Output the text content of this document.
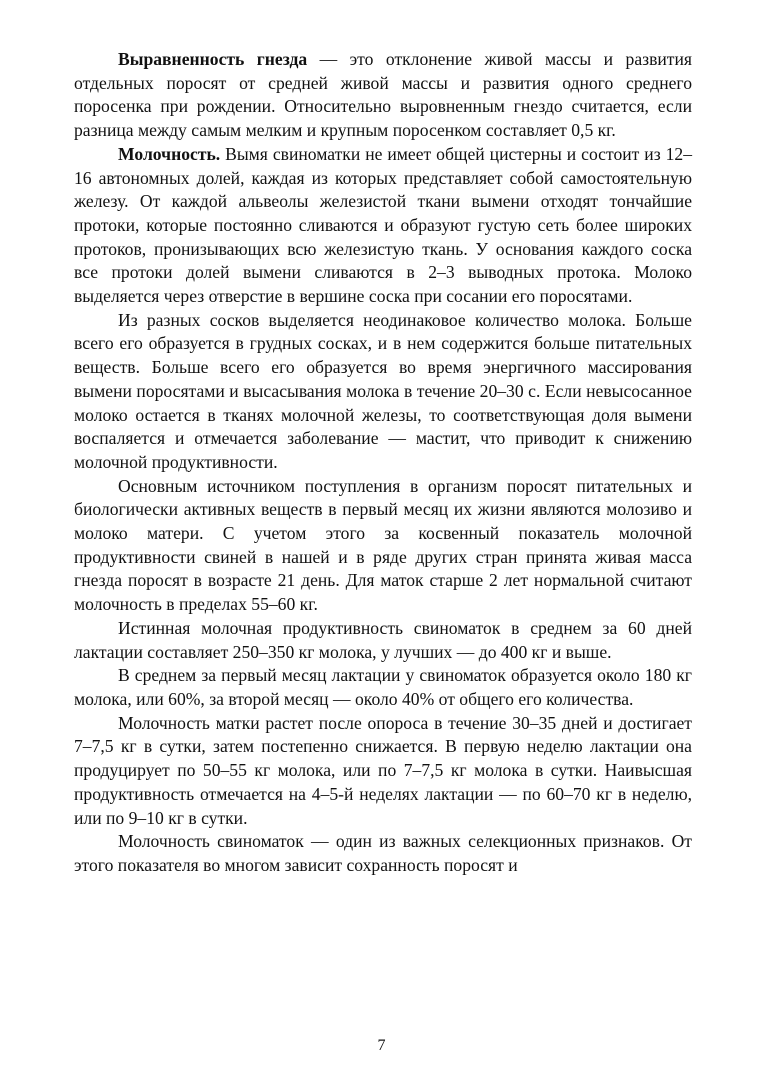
Выравненность гнезда — это отклонение живой массы и развития отдельных поросят от средней живой массы и развития одного среднего поросенка при рождении. Относительно выровненным гнездо считается, если разница между самым мелким и крупным поросенком составляет 0,5 кг.

Молочность. Вымя свиноматки не имеет общей цистерны и состоит из 12–16 автономных долей, каждая из которых представляет собой самостоятельную железу. От каждой альвеолы железистой ткани вымени отходят тончайшие протоки, которые постоянно сливаются и образуют густую сеть более широких протоков, пронизывающих всю железистую ткань. У основания каждого соска все протоки долей вымени сливаются в 2–3 выводных протока. Молоко выделяется через отверстие в вершине соска при сосании его поросятами.

Из разных сосков выделяется неодинаковое количество молока. Больше всего его образуется в грудных сосках, и в нем содержится больше питательных веществ. Больше всего его образуется во время энергичного массирования вымени поросятами и высасывания молока в течение 20–30 с. Если невысосанное молоко остается в тканях молочной железы, то соответствующая доля вымени воспаляется и отмечается заболевание — мастит, что приводит к снижению молочной продуктивности.

Основным источником поступления в организм поросят питательных и биологически активных веществ в первый месяц их жизни являются молозиво и молоко матери. С учетом этого за косвенный показатель молочной продуктивности свиней в нашей и в ряде других стран принята живая масса гнезда поросят в возрасте 21 день. Для маток старше 2 лет нормальной считают молочность в пределах 55–60 кг.

Истинная молочная продуктивность свиноматок в среднем за 60 дней лактации составляет 250–350 кг молока, у лучших — до 400 кг и выше.

В среднем за первый месяц лактации у свиноматок образуется около 180 кг молока, или 60%, за второй месяц — около 40% от общего его количества.

Молочность матки растет после опороса в течение 30–35 дней и достигает 7–7,5 кг в сутки, затем постепенно снижается. В первую неделю лактации она продуцирует по 50–55 кг молока, или по 7–7,5 кг молока в сутки. Наивысшая продуктивность отмечается на 4–5-й неделях лактации — по 60–70 кг в неделю, или по 9–10 кг в сутки.

Молочность свиноматок — один из важных селекционных признаков. От этого показателя во многом зависит сохранность поросят и

7
